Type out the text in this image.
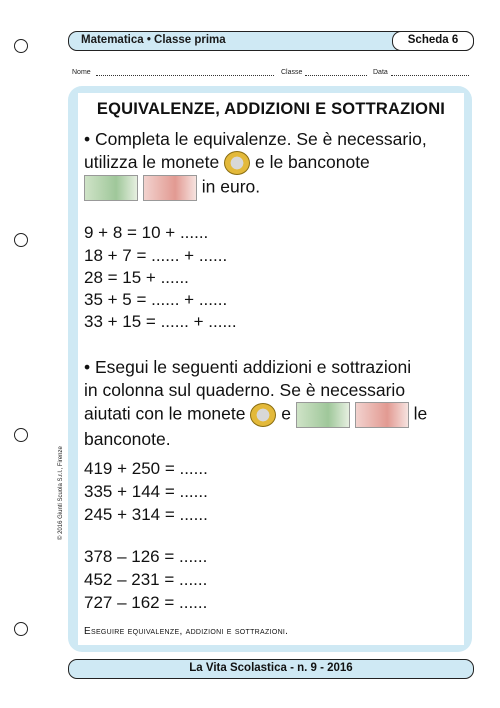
Matematica • Classe prima	Scheda 6
Nome	Classe	Data
EQUIVALENZE, ADDIZIONI E SOTTRAZIONI
• Completa le equivalenze. Se è necessario,
utilizza le monete e le banconote
in euro.
9 + 8 = 10 + ......
18 + 7 = ...... + ......
28 = 15 + ......
35 + 5 = ...... + ......
33 + 15 = ...... + ......
• Esegui le seguenti addizioni e sottrazioni
in colonna sul quaderno. Se è necessario
aiutati con le monete e	le
banconote.
419 + 250 = ......
335 + 144 = ......
245 + 314 = ......
378 – 126 = ......
452 – 231 = ......
727 – 162 = ......
Eseguire equivalenze, addizioni e sottrazioni.
© 2016 Giunti Scuola S.r.l., Firenze
La Vita Scolastica - n. 9 - 2016
